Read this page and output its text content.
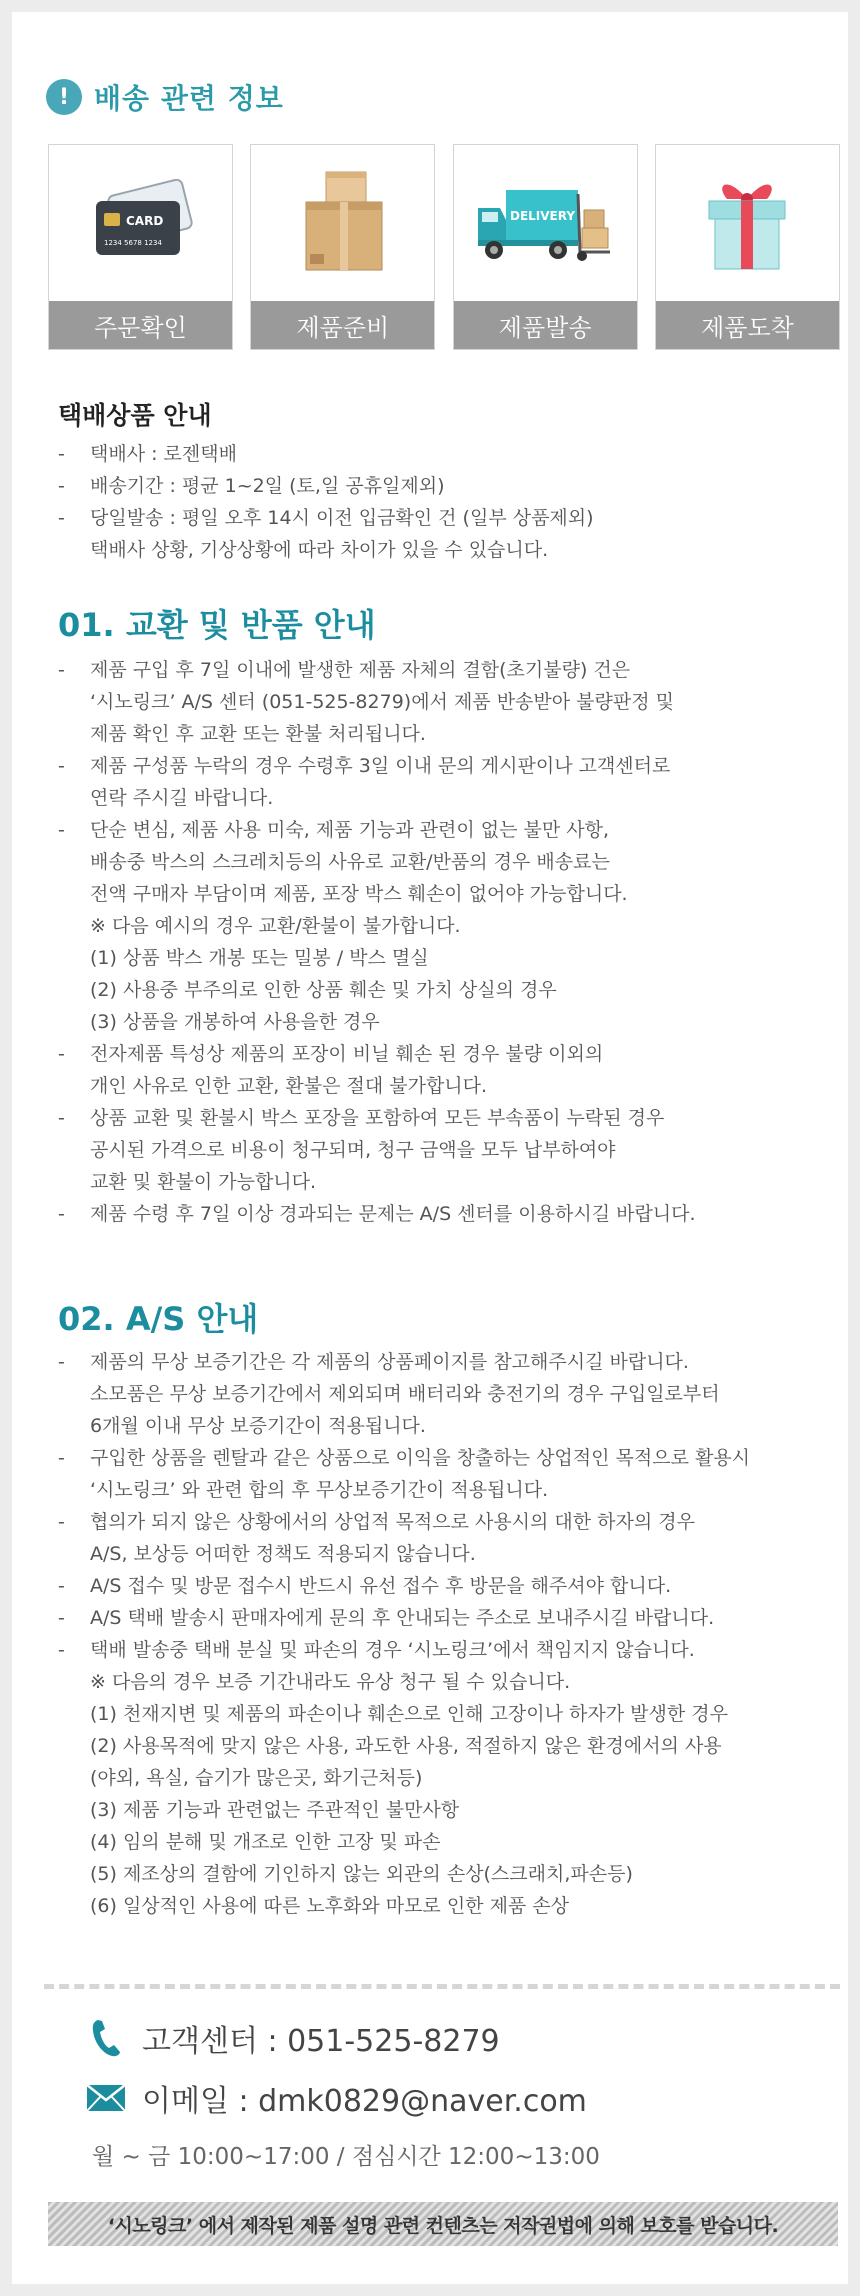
! 배송 관련 정보
CARD
1234 5678 1234
주문확인	제품준비
DELIVERY
제품발송	제품도착
택배상품 안내
- 택배사 : 로젠택배
- 배송기간 : 평균 1~2일 (토,일 공휴일제외)
- 당일발송 : 평일 오후 14시 이전 입금확인 건 (일부 상품제외)
택배사 상황, 기상상황에 따라 차이가 있을 수 있습니다.
01. 교환 및 반품 안내
- 제품 구입 후 7일 이내에 발생한 제품 자체의 결함(초기불량) 건은
‘시노링크’ A/S 센터 (051-525-8279)에서 제품 반송받아 불량판정 및
제품 확인 후 교환 또는 환불 처리됩니다.
- 제품 구성품 누락의 경우 수령후 3일 이내 문의 게시판이나 고객센터로
연락 주시길 바랍니다.
- 단순 변심, 제품 사용 미숙, 제품 기능과 관련이 없는 불만 사항,
배송중 박스의 스크레치등의 사유로 교환/반품의 경우 배송료는
전액 구매자 부담이며 제품, 포장 박스 훼손이 없어야 가능합니다.
※ 다음 예시의 경우 교환/환불이 불가합니다.
(1) 상품 박스 개봉 또는 밀봉 / 박스 멸실
(2) 사용중 부주의로 인한 상품 훼손 및 가치 상실의 경우
(3) 상품을 개봉하여 사용을한 경우
- 전자제품 특성상 제품의 포장이 비닐 훼손 된 경우 불량 이외의
개인 사유로 인한 교환, 환불은 절대 불가합니다.
- 상품 교환 및 환불시 박스 포장을 포함하여 모든 부속품이 누락된 경우
공시된 가격으로 비용이 청구되며, 청구 금액을 모두 납부하여야
교환 및 환불이 가능합니다.
- 제품 수령 후 7일 이상 경과되는 문제는 A/S 센터를 이용하시길 바랍니다.
02. A/S 안내
- 제품의 무상 보증기간은 각 제품의 상품페이지를 참고해주시길 바랍니다.
소모품은 무상 보증기간에서 제외되며 배터리와 충전기의 경우 구입일로부터
6개월 이내 무상 보증기간이 적용됩니다.
- 구입한 상품을 렌탈과 같은 상품으로 이익을 창출하는 상업적인 목적으로 활용시
‘시노링크’ 와 관련 합의 후 무상보증기간이 적용됩니다.
- 협의가 되지 않은 상황에서의 상업적 목적으로 사용시의 대한 하자의 경우
A/S, 보상등 어떠한 정책도 적용되지 않습니다.
- A/S 접수 및 방문 접수시 반드시 유선 접수 후 방문을 해주셔야 합니다.
- A/S 택배 발송시 판매자에게 문의 후 안내되는 주소로 보내주시길 바랍니다.
- 택배 발송중 택배 분실 및 파손의 경우 ‘시노링크’에서 책임지지 않습니다.
※ 다음의 경우 보증 기간내라도 유상 청구 될 수 있습니다.
(1) 천재지변 및 제품의 파손이나 훼손으로 인해 고장이나 하자가 발생한 경우
(2) 사용목적에 맞지 않은 사용, 과도한 사용, 적절하지 않은 환경에서의 사용
(야외, 욕실, 습기가 많은곳, 화기근처등)
(3) 제품 기능과 관련없는 주관적인 불만사항
(4) 임의 분해 및 개조로 인한 고장 및 파손
(5) 제조상의 결함에 기인하지 않는 외관의 손상(스크래치,파손등)
(6) 일상적인 사용에 따른 노후화와 마모로 인한 제품 손상
고객센터 : 051-525-8279
이메일 : dmk0829@naver.com
월 ~ 금 10:00~17:00 / 점심시간 12:00~13:00
‘시노링크’ 에서 제작된 제품 설명 관련 컨텐츠는 저작권법에 의해 보호를 받습니다.
